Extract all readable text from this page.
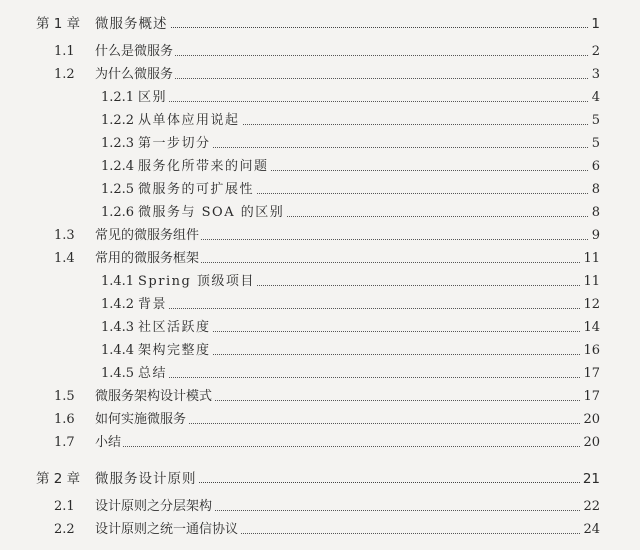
第 1 章 微服务概述	1
1.1 什么是微服务	2
1.2 为什么微服务	3
1.2.1 区别	4
1.2.2 从单体应用说起	5
1.2.3 第一步切分	5
1.2.4 服务化所带来的问题	6
1.2.5 微服务的可扩展性	8
1.2.6 微服务与 SOA 的区别	8
1.3 常见的微服务组件	9
1.4 常用的微服务框架	11
1.4.1 Spring 顶级项目	11
1.4.2 背景	12
1.4.3 社区活跃度	14
1.4.4 架构完整度	16
1.4.5 总结	17
1.5 微服务架构设计模式	17
1.6 如何实施微服务	20
1.7 小结	20
第 2 章 微服务设计原则	21
2.1 设计原则之分层架构	22
2.2 设计原则之统一通信协议	24
